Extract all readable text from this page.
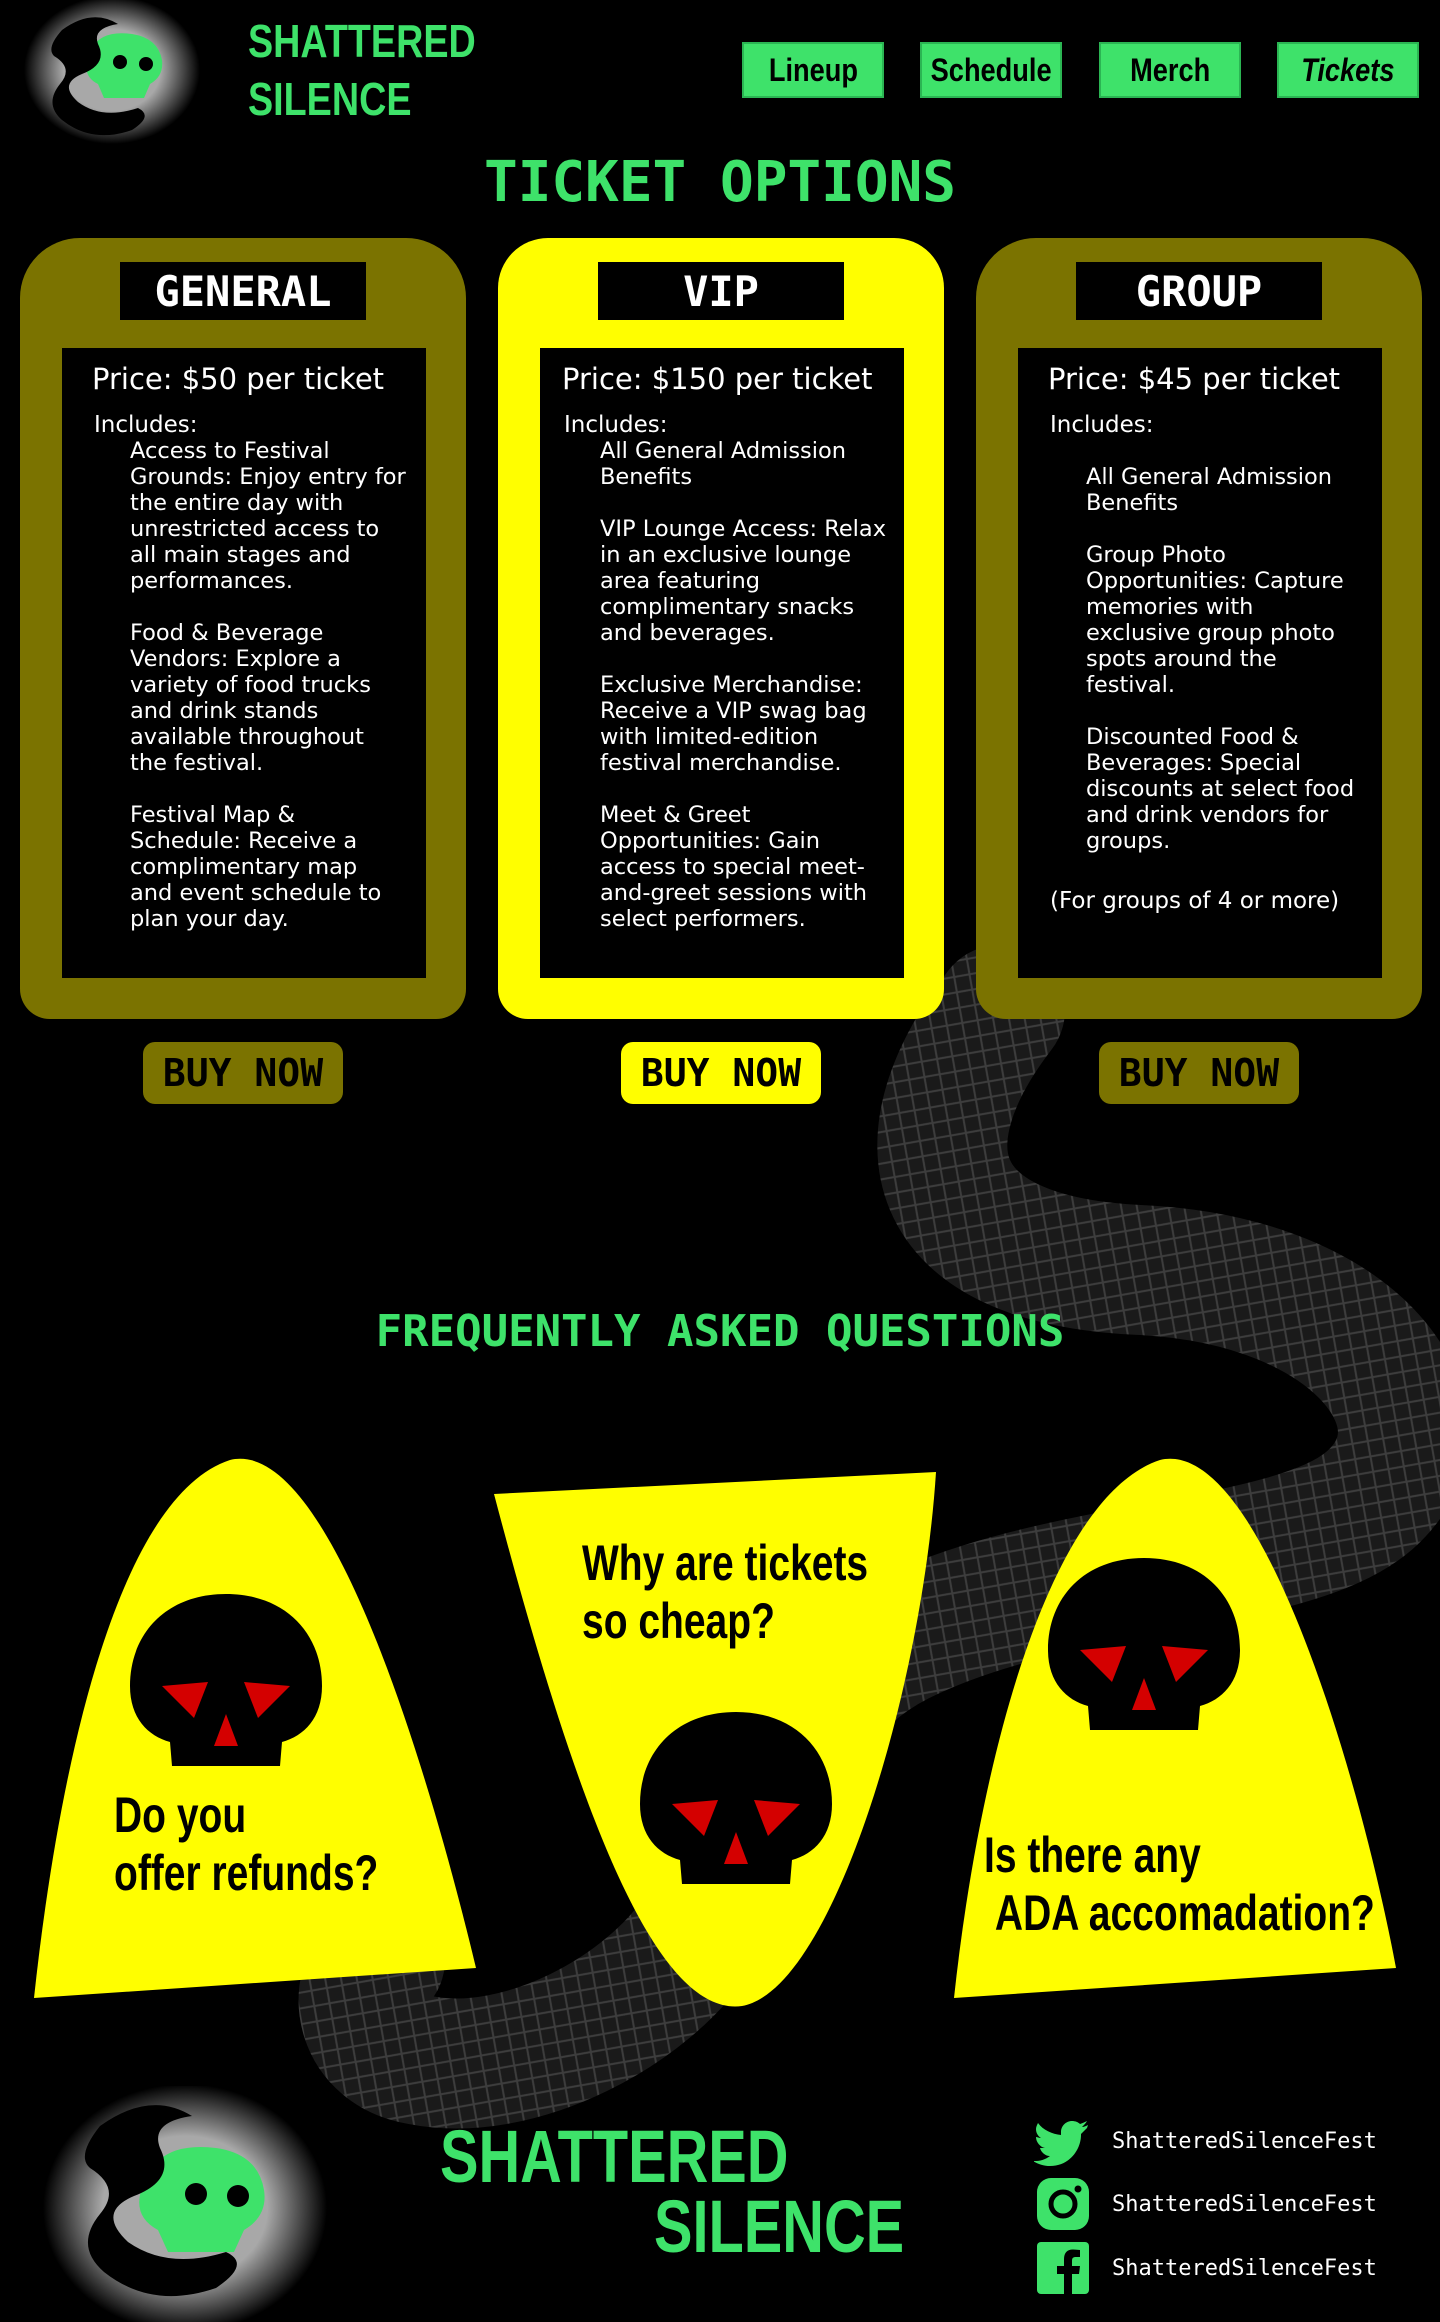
SHATTERED
SILENCE
Lineup Schedule Merch	Tickets
TICKET OPTIONS
GENERAL
Price: $50 per ticket
Includes:
Access to Festival Grounds: Enjoy entry for the entire day with unrestricted access to all main stages and performances.
Food & Beverage Vendors: Explore a variety of food trucks and drink stands available throughout the festival.
Festival Map & Schedule: Receive a complimentary map and event schedule to plan your day.
VIP
Price: $150 per ticket
Includes:
All General Admission Benefits
VIP Lounge Access: Relax in an exclusive lounge area featuring complimentary snacks and beverages.
Exclusive Merchandise: Receive a VIP swag bag with limited-edition festival merchandise.
Meet & Greet Opportunities: Gain access to special meet-and-greet sessions with select performers.
GROUP
Price: $45 per ticket
Includes:
All General Admission Benefits
Group Photo Opportunities: Capture memories with exclusive group photo spots around the festival.
Discounted Food & Beverages: Special discounts at select food and drink vendors for groups.
(For groups of 4 or more)
BUY NOW	BUY NOW	BUY NOW
FREQUENTLY ASKED QUESTIONS
Do you
offer refunds?
Why are tickets
so cheap?
Is there any
ADA accomadation?
SHATTERED
SILENCE
ShatteredSilenceFest
ShatteredSilenceFest
ShatteredSilenceFest
